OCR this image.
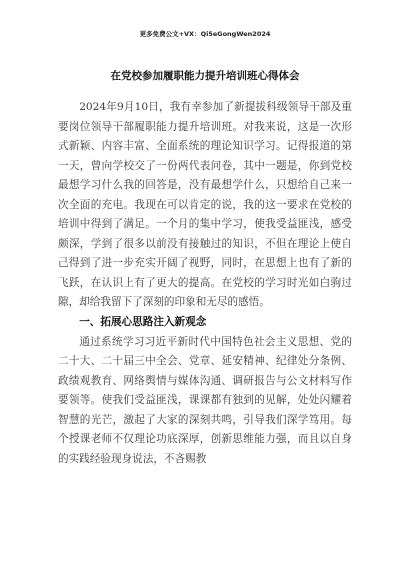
更多免费公文+VX：Qi5eGongWen2024
在党校参加履职能力提升培训班心得体会

2024年9月10日，我有幸参加了新提拔科级领导干部及重要岗位领导干部履职能力提升培训班。对我来说，这是一次形式新颖、内容丰富、全面系统的理论知识学习。记得报道的第一天，曾向学校交了一份两代表问卷，其中一题是，你到党校最想学习什么我的回答是，没有最想学什么，只想给自己来一次全面的充电。我现在可以肯定的说，我的这一要求在党校的培训中得到了满足。一个月的集中学习，使我受益匪浅，感受颇深，学到了很多以前没有接触过的知识，不但在理论上使自己得到了进一步充实开阔了视野，同时，在思想上也有了新的飞跃，在认识上有了更大的提高。在党校的学习时光如白驹过隙，却给我留下了深刻的印象和无尽的感悟。

一、拓展心思路注入新观念

通过系统学习习近平新时代中国特色社会主义思想、党的二十大、二十届三中全会、党章、延安精神、纪律处分条例、政绩观教育、网络舆情与媒体沟通、调研报告与公文材料写作要领等。使我们受益匪浅，课课都有独到的见解，处处闪耀着智慧的光芒，激起了大家的深刻共鸣，引导我们深学笃用。每个授课老师不仅理论功底深厚，创新思维能力强，而且以自身的实践经验现身说法，不吝赐教
